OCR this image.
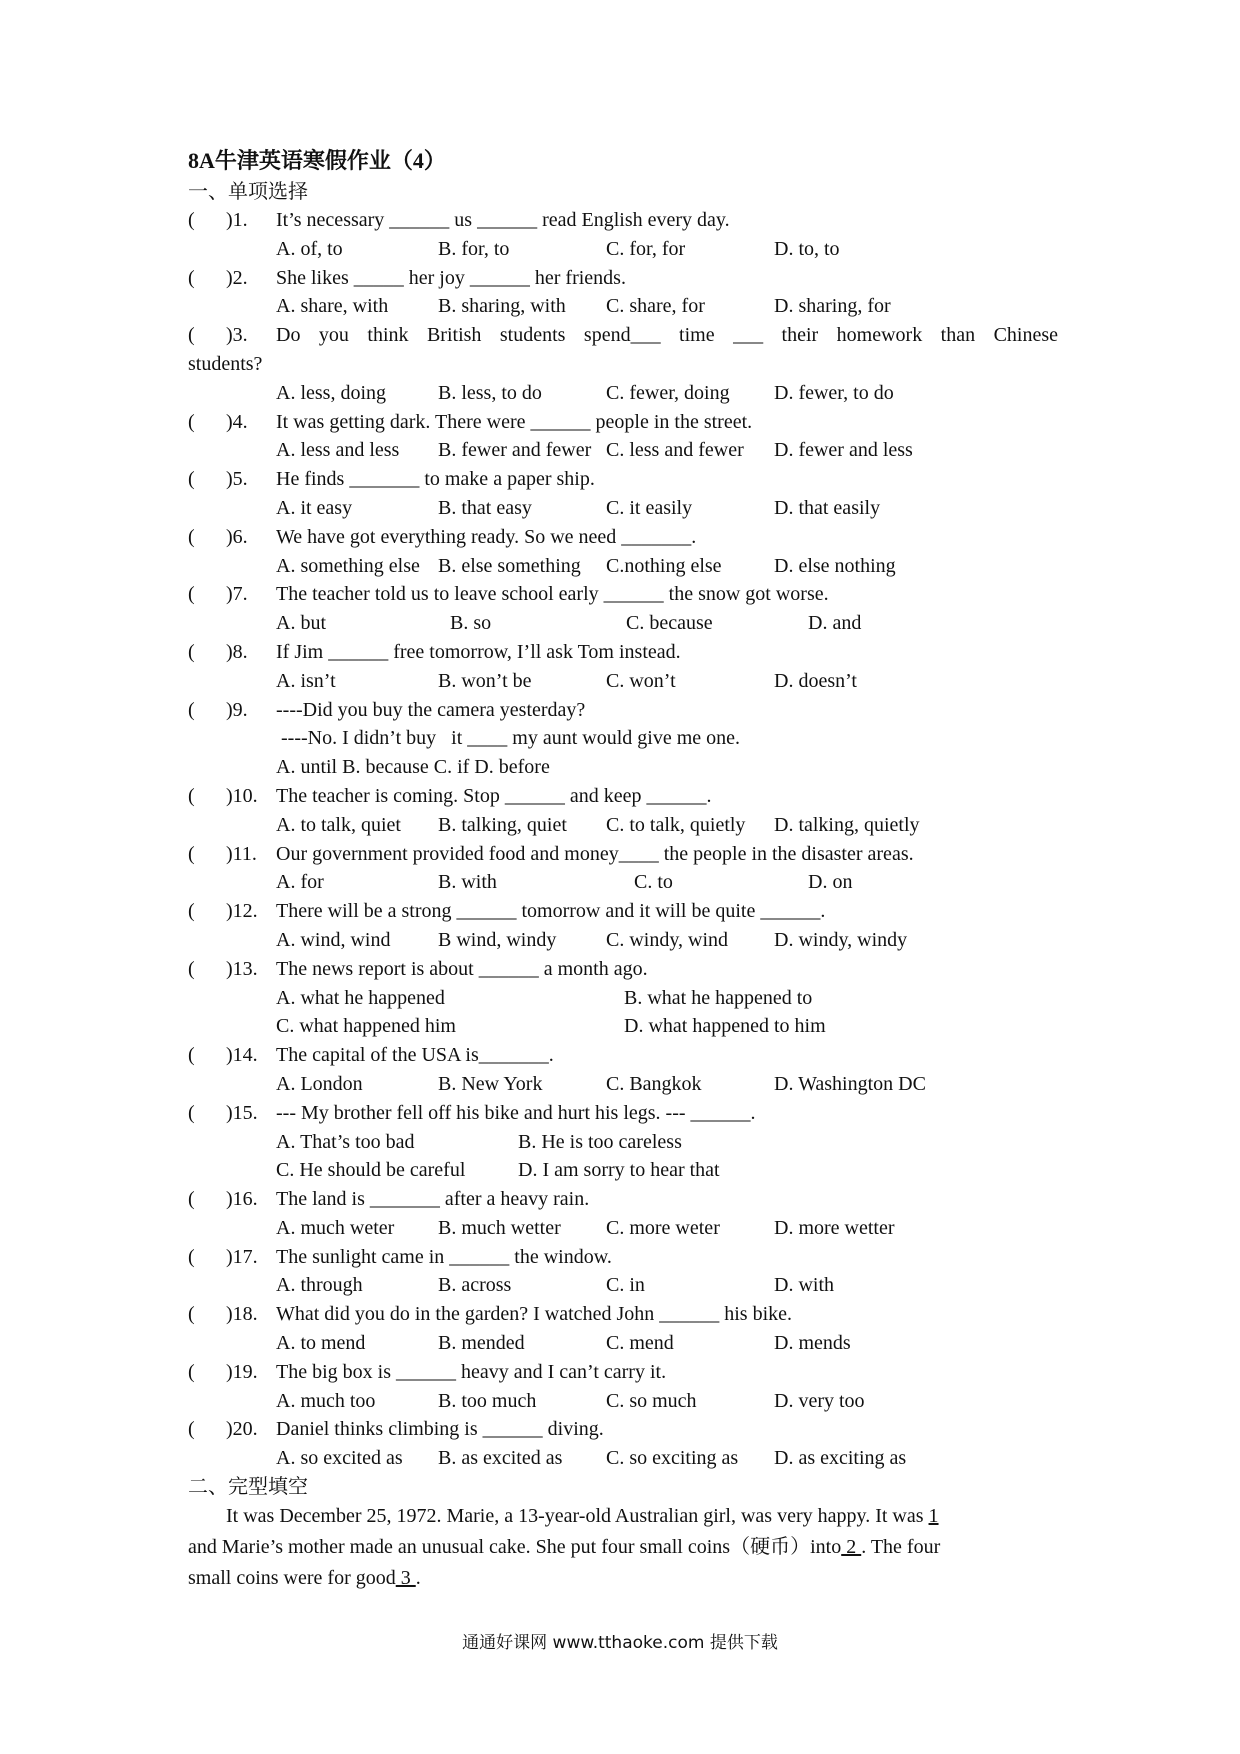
8A牛津英语寒假作业（4）
一、单项选择
( )1. It’s necessary ______ us ______ read English every day.
A. of, to	B. for, to	C. for, for	D. to, to
( )2. She likes _____ her joy ______ her friends.
A. share, with B. sharing, with C. share, for	D. sharing, for
( )3. Do you think British students spend___ time ___ their homework than Chinese
students?
A. less, doing	B. less, to do	C. fewer, doing D. fewer, to do
( )4. It was getting dark. There were ______ people in the street.
A. less and less B. fewer and fewer C. less and fewer D. fewer and less
( )5. He finds _______ to make a paper ship.
A. it easy	B. that easy	C. it easily	D. that easily
( )6. We have got everything ready. So we need _______.
A. something else B. else something C.nothing else	D. else nothing
( )7. The teacher told us to leave school early ______ the snow got worse.
A. but	B. so	C. because	D. and
( )8. If Jim ______ free tomorrow, I’ll ask Tom instead.
A. isn’t	B. won’t be	C. won’t	D. doesn’t
( )9. ----Did you buy the camera yesterday?
----No. I didn’t buy   it ____ my aunt would give me one.
A. until B. because C. if D. before
( )10. The teacher is coming. Stop ______ and keep ______.
A. to talk, quiet B. talking, quiet C. to talk, quietly D. talking, quietly
( )11. Our government provided food and money____ the people in the disaster areas.
A. for	B. with	C. to	D. on
( )12. There will be a strong ______ tomorrow and it will be quite ______.
A. wind, wind B wind, windy C. windy, wind D. windy, windy
( )13. The news report is about ______ a month ago.
A. what he happened	B. what he happened to
C. what happened him	D. what happened to him
( )14. The capital of the USA is_______.
A. London	B. New York	C. Bangkok	D. Washington DC
( )15. --- My brother fell off his bike and hurt his legs. --- ______.
A. That’s too bad	B. He is too careless
C. He should be careful	D. I am sorry to hear that
( )16. The land is _______ after a heavy rain.
A. much weter B. much wetter C. more weter	D. more wetter
( )17. The sunlight came in ______ the window.
A. through	B. across	C. in	D. with
( )18. What did you do in the garden? I watched John ______ his bike.
A. to mend	B. mended	C. mend	D. mends
( )19. The big box is ______ heavy and I can’t carry it.
A. much too	B. too much	C. so much	D. very too
( )20. Daniel thinks climbing is ______ diving.
A. so excited as B. as excited as C. so exciting as D. as exciting as
二、完型填空
It was December 25, 1972. Marie, a 13-year-old Australian girl, was very happy. It was 1
and Marie’s mother made an unusual cake. She put four small coins（硬币）into 2 . The four
small coins were for good 3 .
通通好课网 www.tthaoke.com 提供下载
